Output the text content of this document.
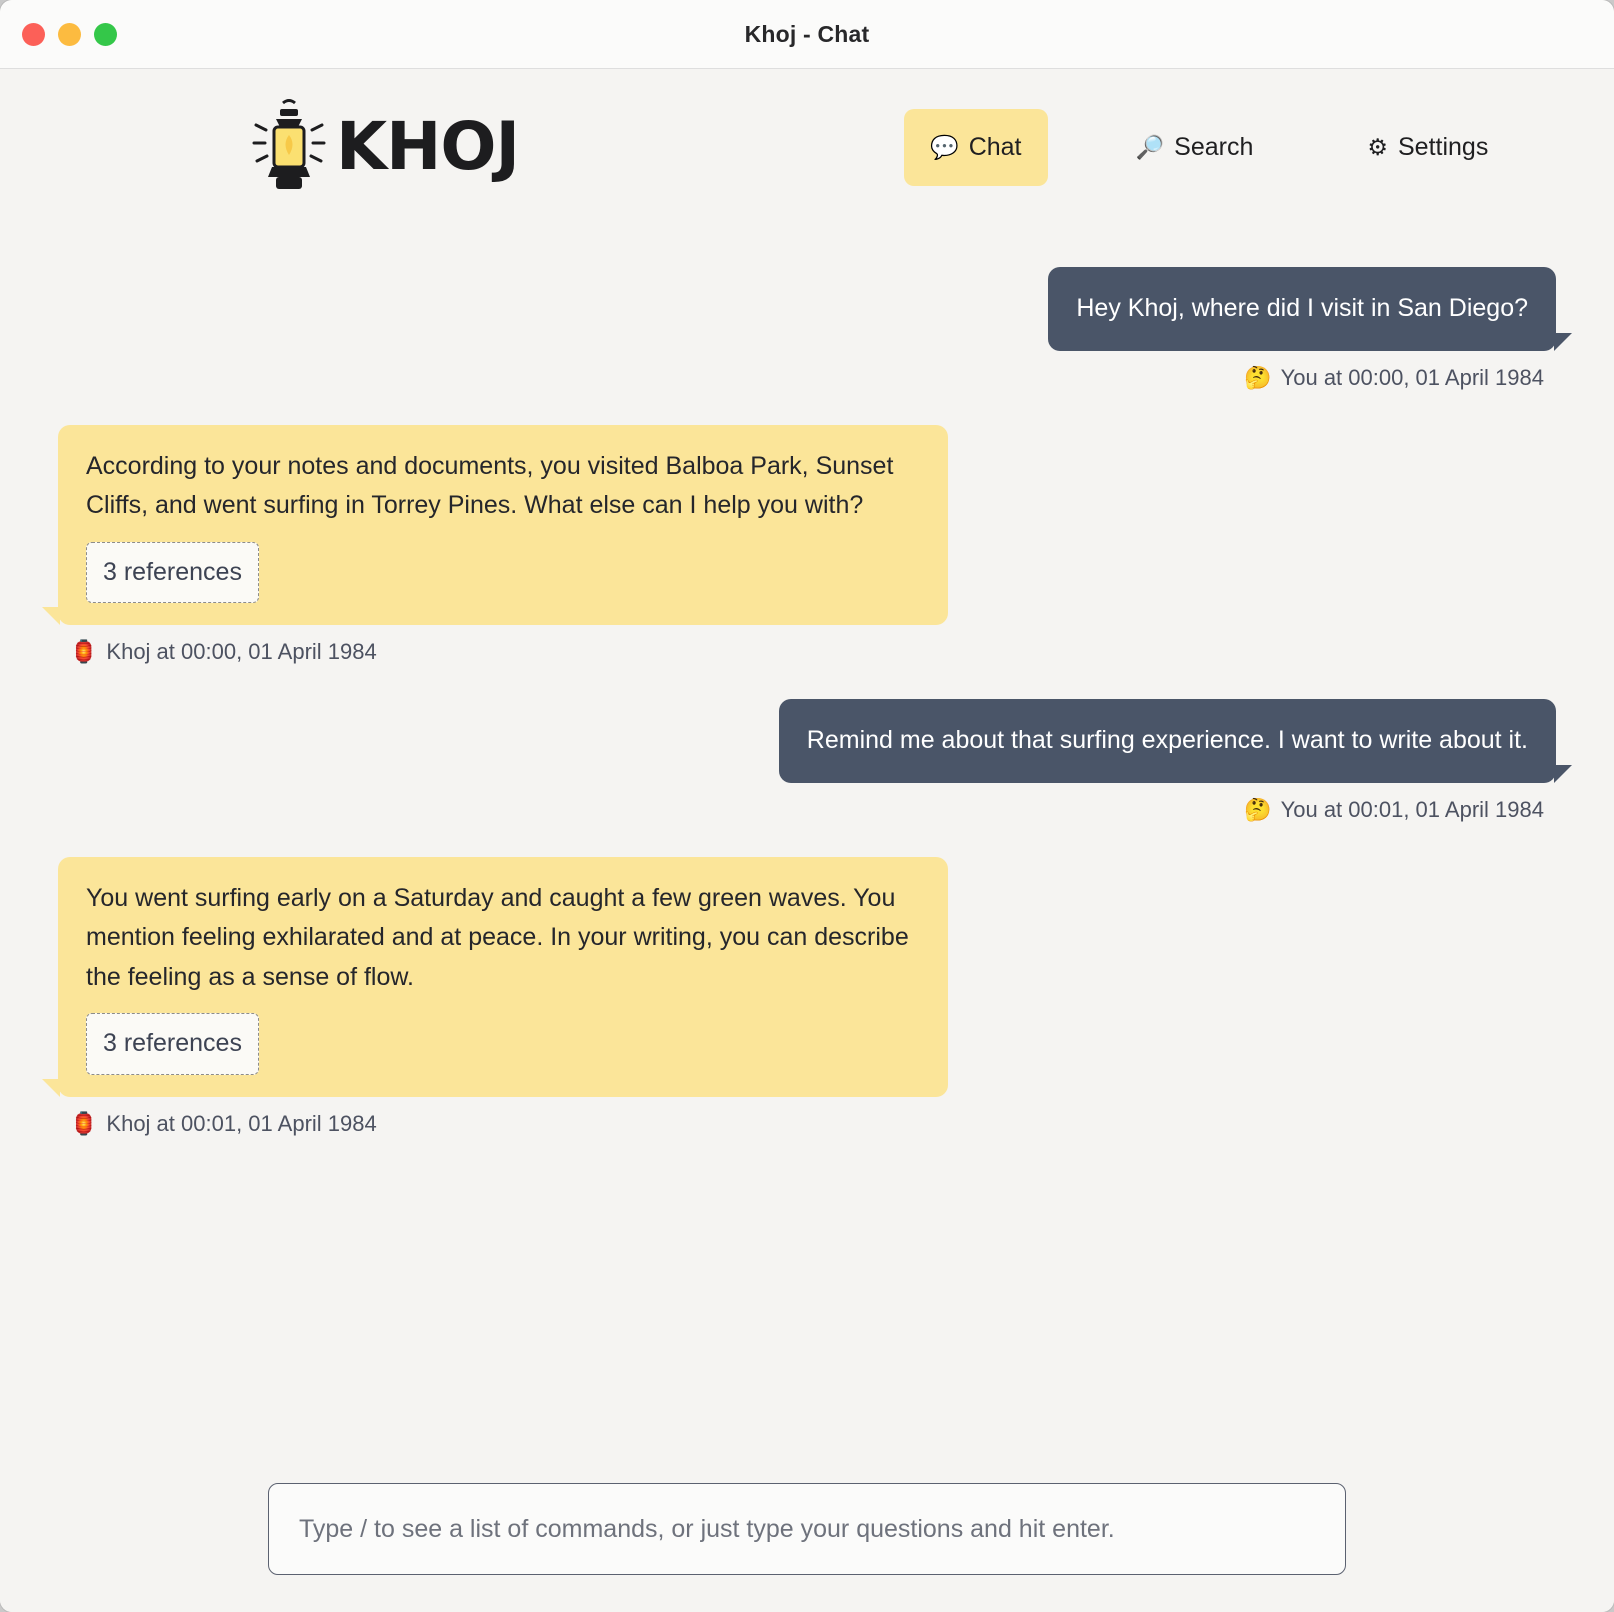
Khoj - Chat
KHOJ	💬 Chat	🔎 Search	⚙ Settings
Hey Khoj, where did I visit in San Diego?
🤔 You at 00:00, 01 April 1984
According to your notes and documents, you visited Balboa Park, Sunset Cliffs, and went surfing in Torrey Pines. What else can I help you with?
3 references
🏮 Khoj at 00:00, 01 April 1984
Remind me about that surfing experience. I want to write about it.
🤔 You at 00:01, 01 April 1984
You went surfing early on a Saturday and caught a few green waves. You mention feeling exhilarated and at peace. In your writing, you can describe the feeling as a sense of flow.
3 references
🏮 Khoj at 00:01, 01 April 1984
Type / to see a list of commands, or just type your questions and hit enter.
